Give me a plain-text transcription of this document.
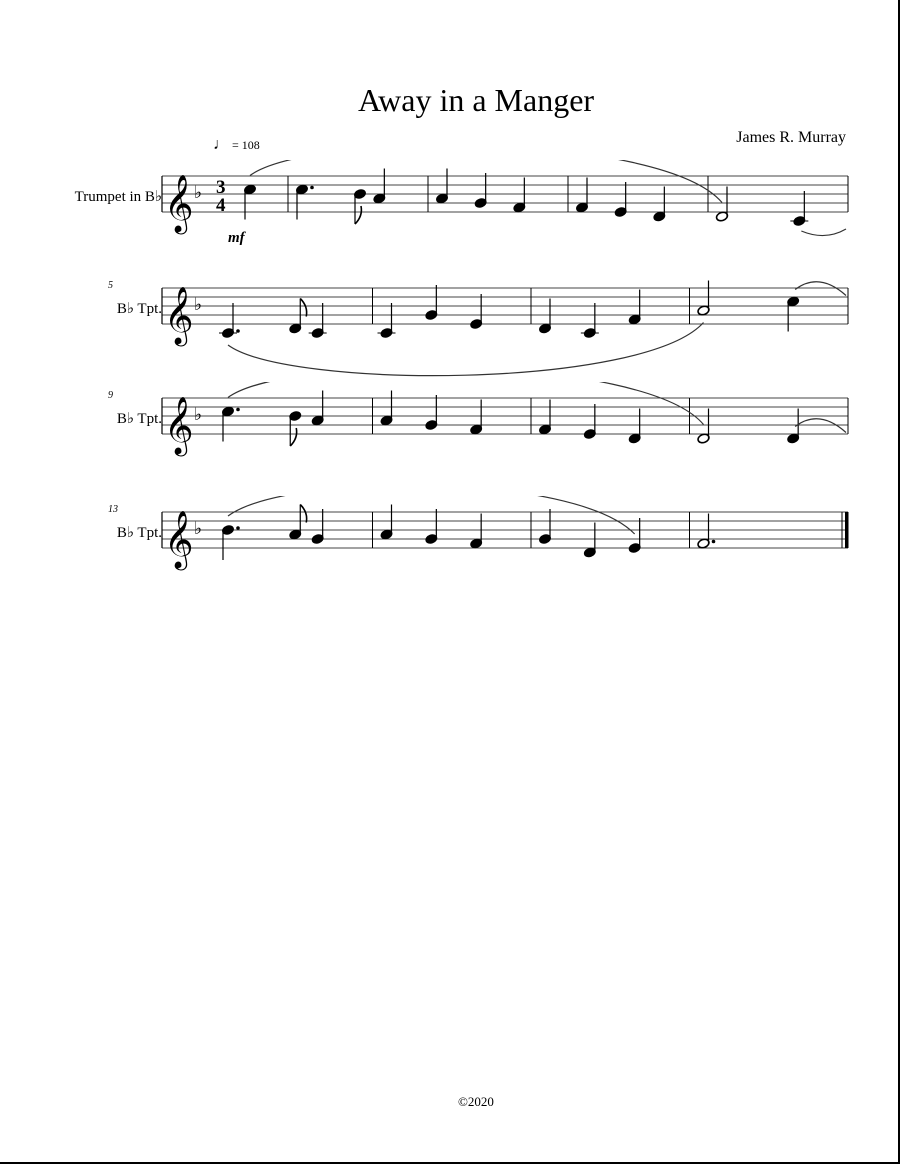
Away in a Manger
James R. Murray
♩ = 108
Trumpet in B♭ 𝄞 ♭ 3
4
mf
B♭ Tpt.
5
𝄞 ♭
B♭ Tpt.
9
𝄞 ♭
B♭ Tpt.
13
𝄞 ♭
©2020
